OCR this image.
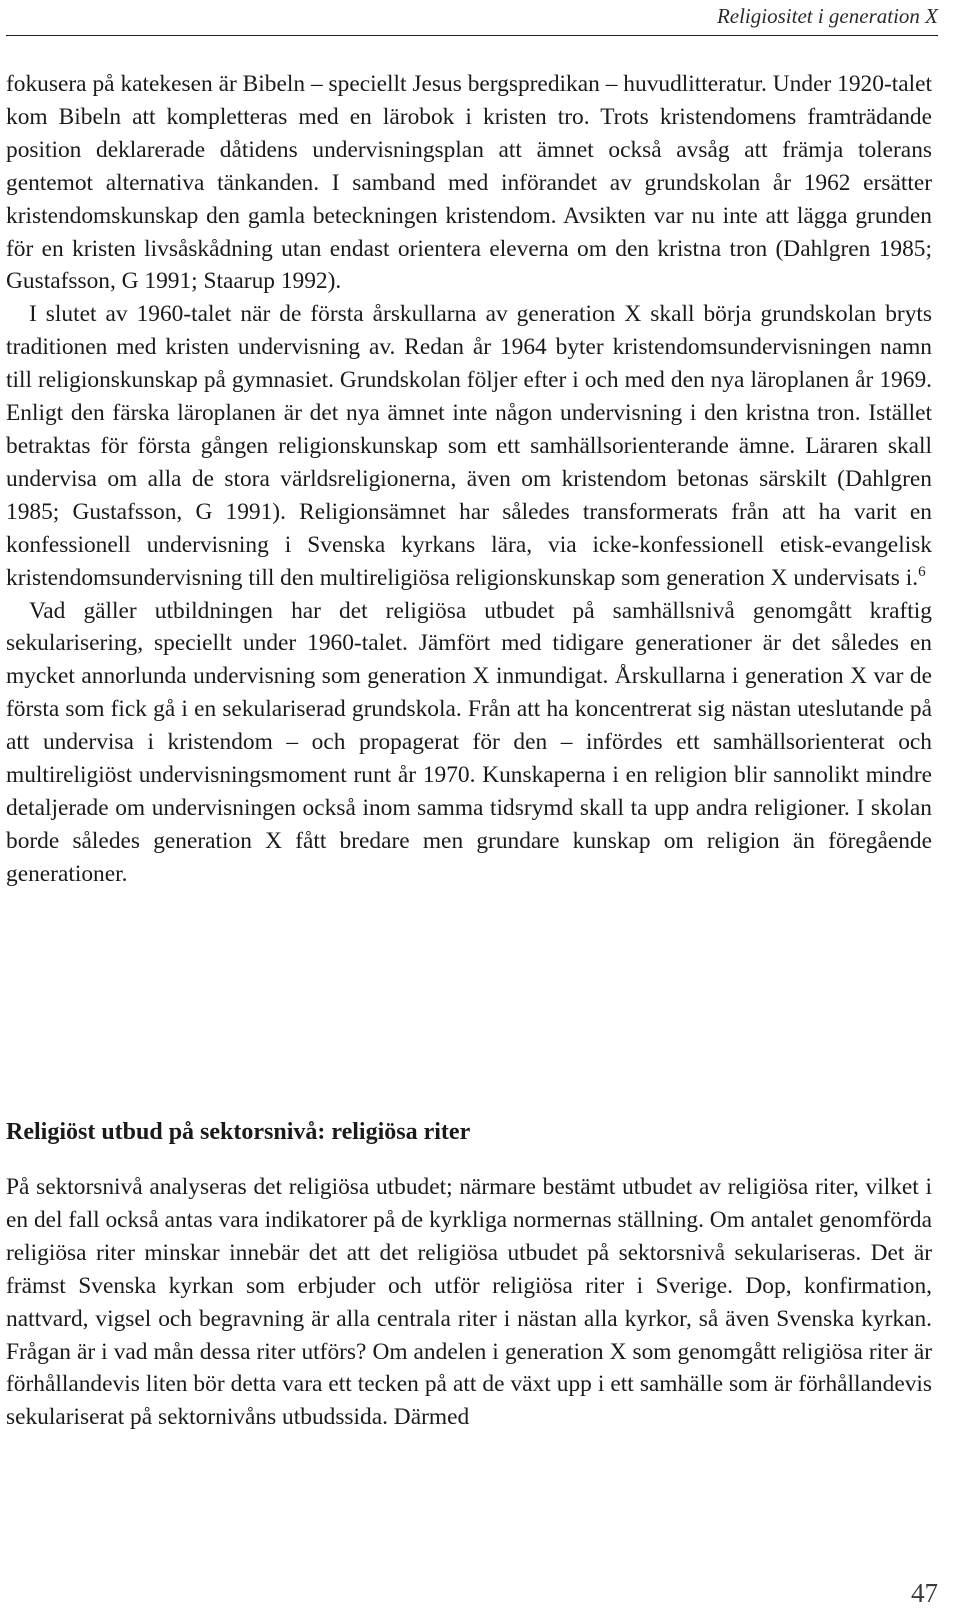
Religiositet i generation X

fokusera på katekesen är Bibeln – speciellt Jesus bergspredikan – huvudlitteratur. Under 1920-talet kom Bibeln att kompletteras med en lärobok i kristen tro. Trots kristendomens framträdande position deklarerade dåtidens undervisningsplan att ämnet också avsåg att främja tolerans gentemot alternativa tänkanden. I samband med införandet av grundskolan år 1962 ersätter kristendomskunskap den gamla beteckningen kristendom. Avsikten var nu inte att lägga grunden för en kristen livsåskådning utan endast orientera eleverna om den kristna tron (Dahlgren 1985; Gustafsson, G 1991; Staarup 1992).

I slutet av 1960-talet när de första årskullarna av generation X skall börja grundskolan bryts traditionen med kristen undervisning av. Redan år 1964 byter kristendomsundervisningen namn till religionskunskap på gymnasiet. Grundskolan följer efter i och med den nya läroplanen år 1969. Enligt den färska läroplanen är det nya ämnet inte någon undervisning i den kristna tron. Istället betraktas för första gången religionskunskap som ett samhällsorienterande ämne. Läraren skall undervisa om alla de stora världsreligionerna, även om kristendom betonas särskilt (Dahlgren 1985; Gustafsson, G 1991). Religionsämnet har således transformerats från att ha varit en konfessionell undervisning i Svenska kyrkans lära, via icke-konfessionell etisk-evangelisk kristendomsundervisning till den multireligiösa religionskunskap som generation X undervisats i.$^6$

Vad gäller utbildningen har det religiösa utbudet på samhällsnivå genomgått kraftig sekularisering, speciellt under 1960-talet. Jämfört med tidigare generationer är det således en mycket annorlunda undervisning som generation X inmundigat. Årskullarna i generation X var de första som fick gå i en sekulariserad grundskola. Från att ha koncentrerat sig nästan uteslutande på att undervisa i kristendom – och propagerat för den – infördes ett samhällsorienterat och multireligiöst undervisningsmoment runt år 1970. Kunskaperna i en religion blir sannolikt mindre detaljerade om undervisningen också inom samma tidsrymd skall ta upp andra religioner. I skolan borde således generation X fått bredare men grundare kunskap om religion än föregående generationer.

Religiöst utbud på sektorsnivå: religiösa riter

På sektorsnivå analyseras det religiösa utbudet; närmare bestämt utbudet av religiösa riter, vilket i en del fall också antas vara indikatorer på de kyrkliga normernas ställning. Om antalet genomförda religiösa riter minskar innebär det att det religiösa utbudet på sektorsnivå sekulariseras. Det är främst Svenska kyrkan som erbjuder och utför religiösa riter i Sverige. Dop, konfirmation, nattvard, vigsel och begravning är alla centrala riter i nästan alla kyrkor, så även Svenska kyrkan. Frågan är i vad mån dessa riter utförs? Om andelen i generation X som genomgått religiösa riter är förhållandevis liten bör detta vara ett tecken på att de växt upp i ett samhälle som är förhållandevis sekulariserat på sektornivåns utbudssida. Därmed

47
